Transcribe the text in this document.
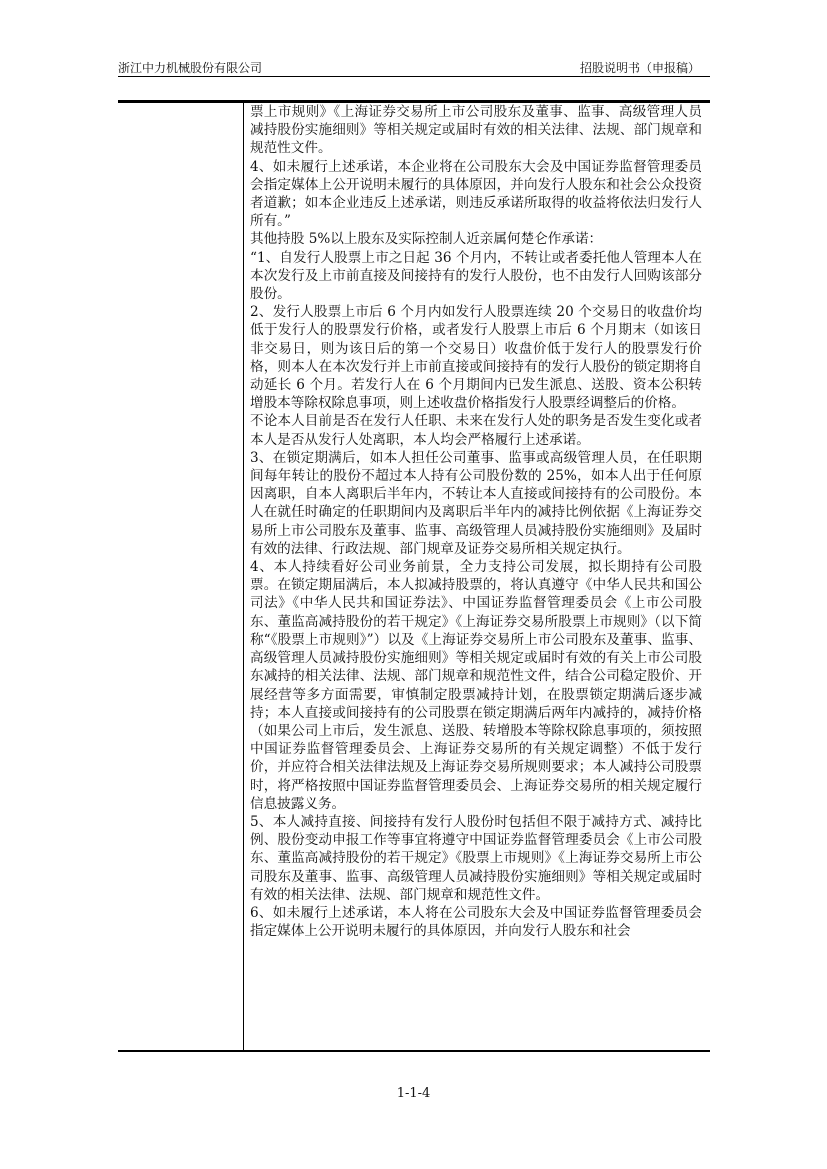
浙江中力机械股份有限公司	招股说明书（申报稿）

票上市规则》《上海证券交易所上市公司股东及董事、监事、高级管理人员减持股份实施细则》等相关规定或届时有效的相关法律、法规、部门规章和规范性文件。

4、如未履行上述承诺，本企业将在公司股东大会及中国证券监督管理委员会指定媒体上公开说明未履行的具体原因，并向发行人股东和社会公众投资者道歉；如本企业违反上述承诺，则违反承诺所取得的收益将依法归发行人所有。”

其他持股 5%以上股东及实际控制人近亲属何楚仑作承诺：

“1、自发行人股票上市之日起 36 个月内，不转让或者委托他人管理本人在本次发行及上市前直接及间接持有的发行人股份，也不由发行人回购该部分股份。

2、发行人股票上市后 6 个月内如发行人股票连续 20 个交易日的收盘价均低于发行人的股票发行价格，或者发行人股票上市后 6 个月期末（如该日非交易日，则为该日后的第一个交易日）收盘价低于发行人的股票发行价格，则本人在本次发行并上市前直接或间接持有的发行人股份的锁定期将自动延长 6 个月。若发行人在 6 个月期间内已发生派息、送股、资本公积转增股本等除权除息事项，则上述收盘价格指发行人股票经调整后的价格。

不论本人目前是否在发行人任职、未来在发行人处的职务是否发生变化或者本人是否从发行人处离职，本人均会严格履行上述承诺。

3、在锁定期满后，如本人担任公司董事、监事或高级管理人员，在任职期间每年转让的股份不超过本人持有公司股份数的 25%，如本人出于任何原因离职，自本人离职后半年内，不转让本人直接或间接持有的公司股份。本人在就任时确定的任职期间内及离职后半年内的减持比例依据《上海证券交易所上市公司股东及董事、监事、高级管理人员减持股份实施细则》及届时有效的法律、行政法规、部门规章及证券交易所相关规定执行。

4、本人持续看好公司业务前景，全力支持公司发展，拟长期持有公司股票。在锁定期届满后，本人拟减持股票的，将认真遵守《中华人民共和国公司法》《中华人民共和国证券法》、中国证券监督管理委员会《上市公司股东、董监高减持股份的若干规定》《上海证券交易所股票上市规则》（以下简称“《股票上市规则》”）以及《上海证券交易所上市公司股东及董事、监事、高级管理人员减持股份实施细则》等相关规定或届时有效的有关上市公司股东减持的相关法律、法规、部门规章和规范性文件，结合公司稳定股价、开展经营等多方面需要，审慎制定股票减持计划，在股票锁定期满后逐步减持；本人直接或间接持有的公司股票在锁定期满后两年内减持的，减持价格（如果公司上市后，发生派息、送股、转增股本等除权除息事项的，须按照中国证券监督管理委员会、上海证券交易所的有关规定调整）不低于发行价，并应符合相关法律法规及上海证券交易所规则要求；本人减持公司股票时，将严格按照中国证券监督管理委员会、上海证券交易所的相关规定履行信息披露义务。

5、本人减持直接、间接持有发行人股份时包括但不限于减持方式、减持比例、股份变动申报工作等事宜将遵守中国证券监督管理委员会《上市公司股东、董监高减持股份的若干规定》《股票上市规则》《上海证券交易所上市公司股东及董事、监事、高级管理人员减持股份实施细则》等相关规定或届时有效的相关法律、法规、部门规章和规范性文件。

6、如未履行上述承诺，本人将在公司股东大会及中国证券监督管理委员会指定媒体上公开说明未履行的具体原因，并向发行人股东和社会

1-1-4
